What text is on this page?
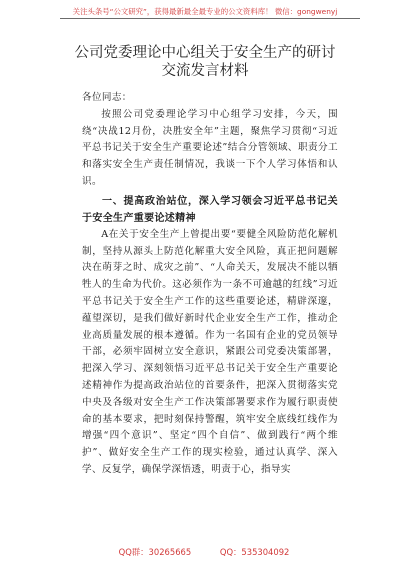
关注头条号“公文研究”，获得最新最全最专业的公文资料库！ 微信：gongwenyj
公司党委理论中心组关于安全生产的研讨交流发言材料

各位同志：

按照公司党委理论学习中心组学习安排，今天，围绕“决战12月份，决胜安全年”主题，聚焦学习贯彻“习近平总书记关于安全生产重要论述”结合分管领域、职责分工和落实安全生产责任制情况，我谈一下个人学习体悟和认识。

一、提高政治站位，深入学习领会习近平总书记关于安全生产重要论述精神

A在关于安全生产上曾提出要“要健全风险防范化解机制，坚持从源头上防范化解重大安全风险，真正把问题解决在萌芽之时、成灾之前”、“人命关天，发展决不能以牺牲人的生命为代价。这必须作为一条不可逾越的红线”习近平总书记关于安全生产工作的这些重要论述，精辟深邃，蕴望深切，是我们做好新时代企业安全生产工作，推动企业高质量发展的根本遵循。作为一名国有企业的党员领导干部，必须牢固树立安全意识，紧跟公司党委决策部署，把深入学习、深刻领悟习近平总书记关于安全生产重要论述精神作为提高政治站位的首要条件，把深入贯彻落实党中央及各级对安全生产工作决策部署要求作为履行职责使命的基本要求，把时刻保持警醒，筑牢安全底线红线作为增强“四个意识”、坚定“四个自信”、做到践行“两个维护”、做好安全生产工作的现实检验，通过认真学、深入学、反复学，确保学深悟透，明责于心，指导实

QQ群：30265665	QQ：535304092
